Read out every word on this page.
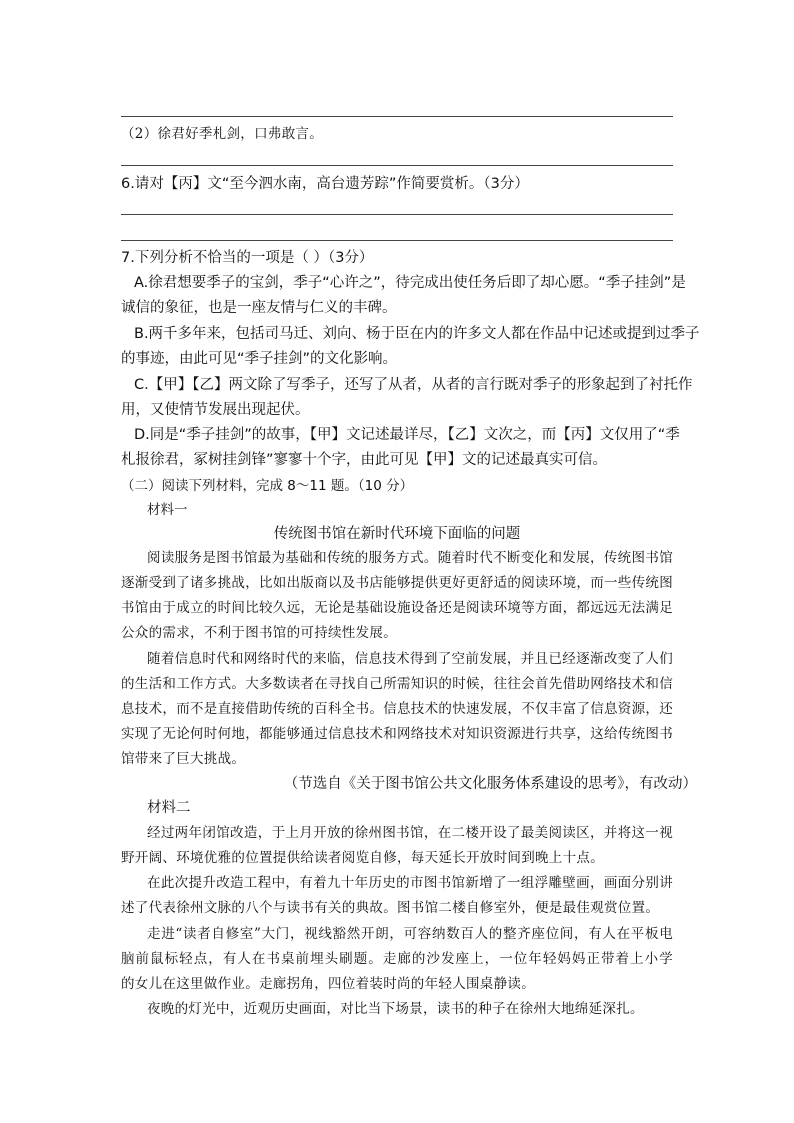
（2）徐君好季札剑，口弗敢言。
6.请对【丙】文“至今泗水南，高台遗芳踪”作简要赏析。（3分）
7.下列分析不恰当的一项是（ ）（3分）
A.徐君想要季子的宝剑，季子“心许之”，待完成出使任务后即了却心愿。“季子挂剑”是
诚信的象征，也是一座友情与仁义的丰碑。
B.两千多年来，包括司马迁、刘向、杨于臣在内的许多文人都在作品中记述或提到过季子
的事迹，由此可见“季子挂剑”的文化影响。
C.【甲】【乙】两文除了写季子，还写了从者，从者的言行既对季子的形象起到了衬托作
用，又使情节发展出现起伏。
D.同是“季子挂剑”的故事，【甲】文记述最详尽，【乙】文次之，而【丙】文仅用了“季
札报徐君，冢树挂剑锋”寥寥十个字，由此可见【甲】文的记述最真实可信。
（二）阅读下列材料，完成 8～11 题。（10 分）
材料一
传统图书馆在新时代环境下面临的问题
阅读服务是图书馆最为基础和传统的服务方式。随着时代不断变化和发展，传统图书馆
逐渐受到了诸多挑战，比如出版商以及书店能够提供更好更舒适的阅读环境，而一些传统图
书馆由于成立的时间比较久远，无论是基础设施设备还是阅读环境等方面，都远远无法满足
公众的需求，不利于图书馆的可持续性发展。
随着信息时代和网络时代的来临，信息技术得到了空前发展，并且已经逐渐改变了人们
的生活和工作方式。大多数读者在寻找自己所需知识的时候，往往会首先借助网络技术和信
息技术，而不是直接借助传统的百科全书。信息技术的快速发展，不仅丰富了信息资源，还
实现了无论何时何地，都能够通过信息技术和网络技术对知识资源进行共享，这给传统图书
馆带来了巨大挑战。
（节选自《关于图书馆公共文化服务体系建设的思考》，有改动）
材料二
经过两年闭馆改造，于上月开放的徐州图书馆，在二楼开设了最美阅读区，并将这一视
野开阔、环境优雅的位置提供给读者阅览自修，每天延长开放时间到晚上十点。
在此次提升改造工程中，有着九十年历史的市图书馆新增了一组浮雕壁画，画面分别讲
述了代表徐州文脉的八个与读书有关的典故。图书馆二楼自修室外，便是最佳观赏位置。
走进“读者自修室”大门，视线豁然开朗，可容纳数百人的整齐座位间，有人在平板电
脑前鼠标轻点，有人在书桌前埋头刷题。走廊的沙发座上，一位年轻妈妈正带着上小学
的女儿在这里做作业。走廊拐角，四位着装时尚的年轻人围桌静读。
夜晚的灯光中，近观历史画面，对比当下场景，读书的种子在徐州大地绵延深扎。
